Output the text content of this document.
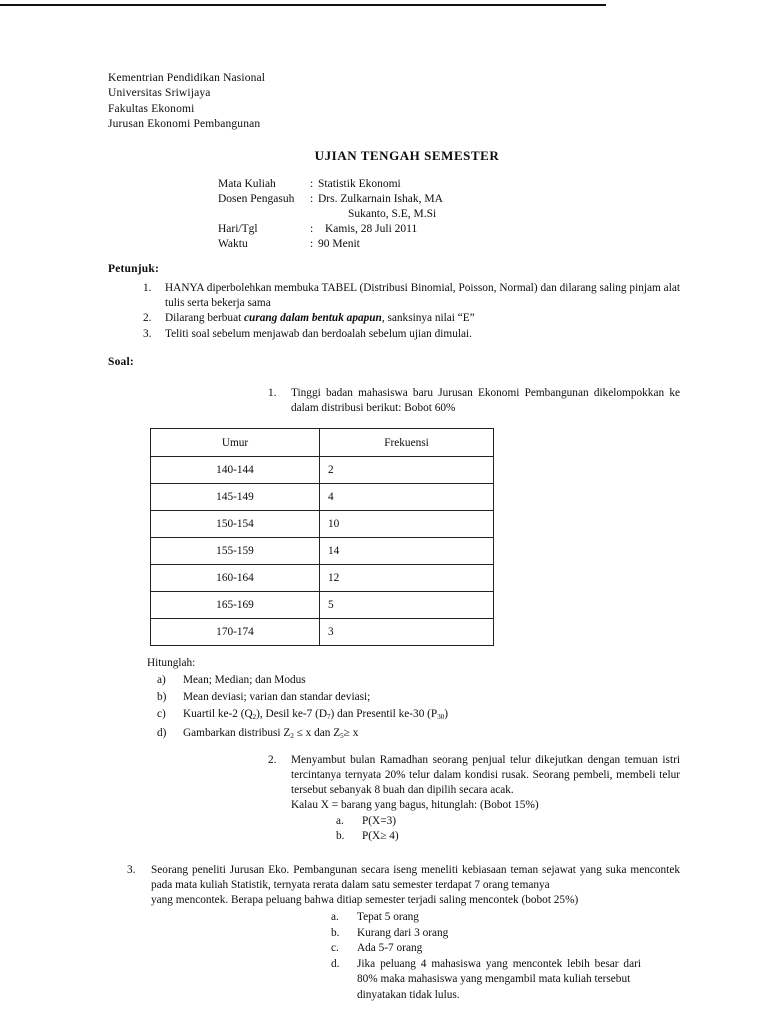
Kementrian Pendidikan Nasional
Universitas Sriwijaya
Fakultas Ekonomi
Jurusan Ekonomi Pembangunan
UJIAN TENGAH SEMESTER
Mata Kuliah	: Statistik Ekonomi
Dosen Pengasuh	: Drs. Zulkarnain Ishak, MA
Sukanto, S.E, M.Si
Hari/Tgl	:	Kamis, 28 Juli 2011
Waktu	: 90 Menit
Petunjuk:
1.	HANYA diperbolehkan membuka TABEL (Distribusi Binomial, Poisson, Normal) dan dilarang saling pinjam alat tulis serta bekerja sama
2.	Dilarang berbuat curang dalam bentuk apapun, sanksinya nilai “E”
3.	Teliti soal sebelum menjawab dan berdoalah sebelum ujian dimulai.
Soal:
1.	Tinggi badan mahasiswa baru Jurusan Ekonomi Pembangunan dikelompokkan ke dalam distribusi berikut: Bobot 60%
Umur	Frekuensi
140-144	2
145-149	4
150-154	10
155-159	14
160-164	12
165-169	5
170-174	3
Hitunglah:
a)	Mean; Median; dan Modus
b)	Mean deviasi; varian dan standar deviasi;
c)	Kuartil ke-2 $(Q_2)$, Desil ke-7 $(D_7)$ dan Presentil ke-30 $(P_{30})$
d)	Gambarkan distribusi $Z_2 \le x$ dan $Z_5\ge x$
2.	Menyambut bulan Ramadhan seorang penjual telur dikejutkan dengan temuan istri tercintanya ternyata 20% telur dalam kondisi rusak. Seorang pembeli, membeli telur tersebut sebanyak 8 buah dan dipilih secara acak.
Kalau X = barang yang bagus, hitunglah: (Bobot 15%)
a.	P(X=3)
b.	P(X≥ 4)
3.	Seorang peneliti Jurusan Eko. Pembangunan secara iseng meneliti kebiasaan teman sejawat yang suka mencontek pada mata kuliah Statistik, ternyata rerata dalam satu semester terdapat 7 orang temanya
yang mencontek. Berapa peluang bahwa ditiap semester terjadi saling mencontek (bobot 25%)
a.	Tepat 5 orang
b.	Kurang dari 3 orang
c.	Ada 5-7 orang
d.	Jika peluang 4 mahasiswa yang mencontek lebih besar dari 80% maka mahasiswa yang mengambil mata kuliah tersebut
dinyatakan tidak lulus.
